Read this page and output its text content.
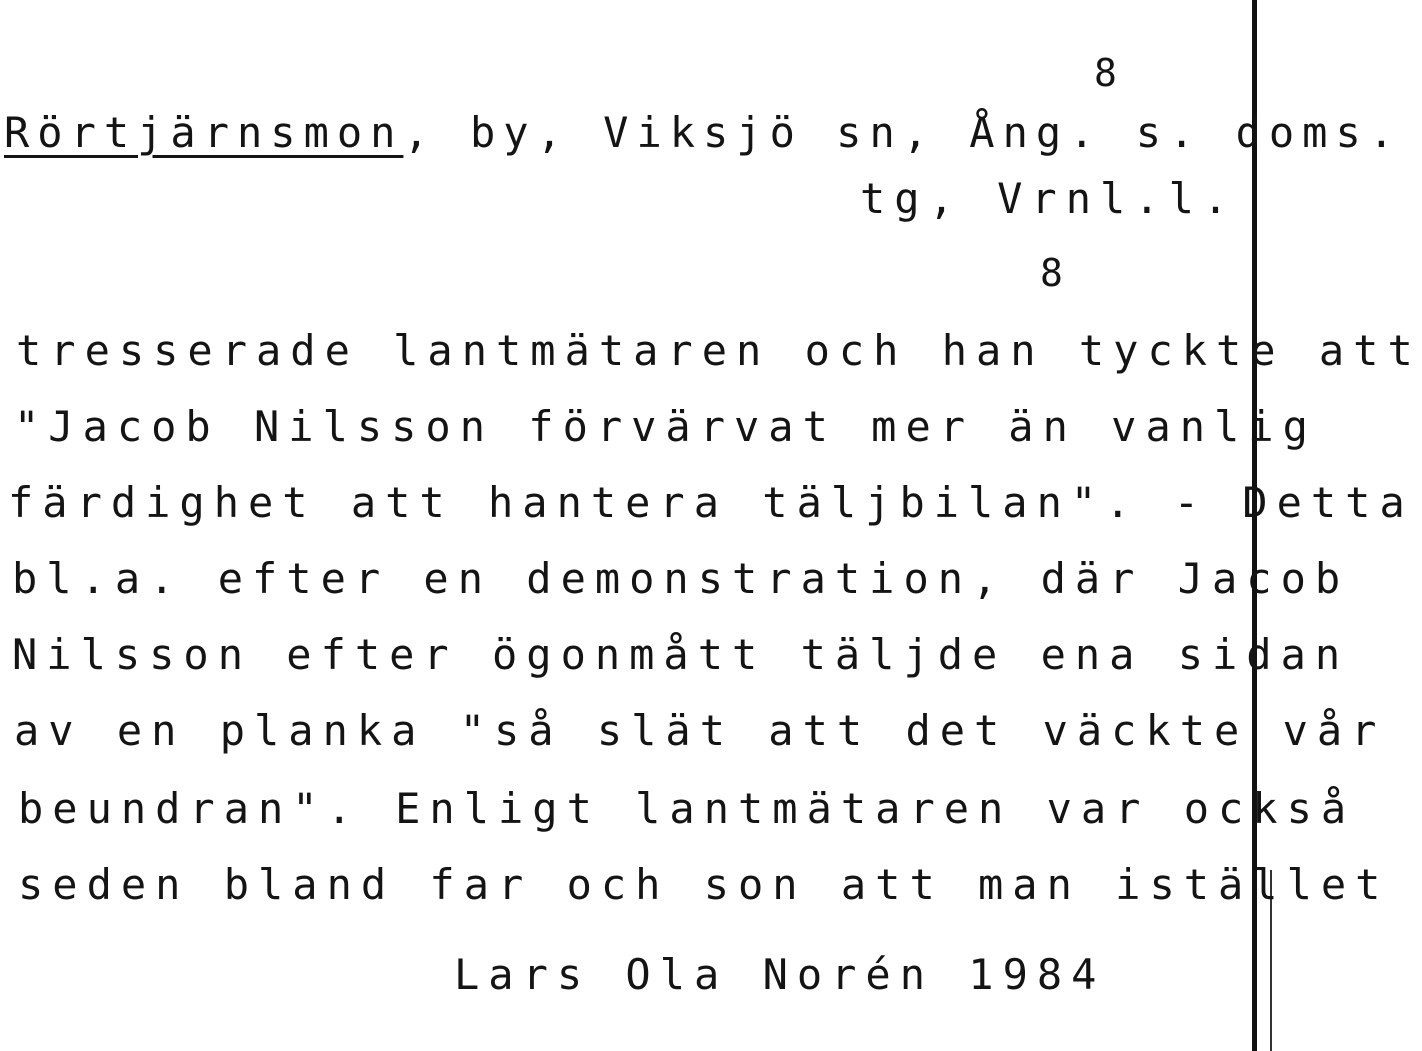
8
Rörtjärnsmon, by, Viksjö sn, Ång. s. doms.
tg, Vrnl.l.
8
tresserade lantmätaren och han tyckte att
"Jacob Nilsson förvärvat mer än vanlig
färdighet att hantera täljbilan". - Detta
bl.a. efter en demonstration, där Jacob
Nilsson efter ögonmått täljde ena sidan
av en planka "så slät att det väckte vår
beundran". Enligt lantmätaren var också
seden bland far och son att man istället
Lars Ola Norén 1984
